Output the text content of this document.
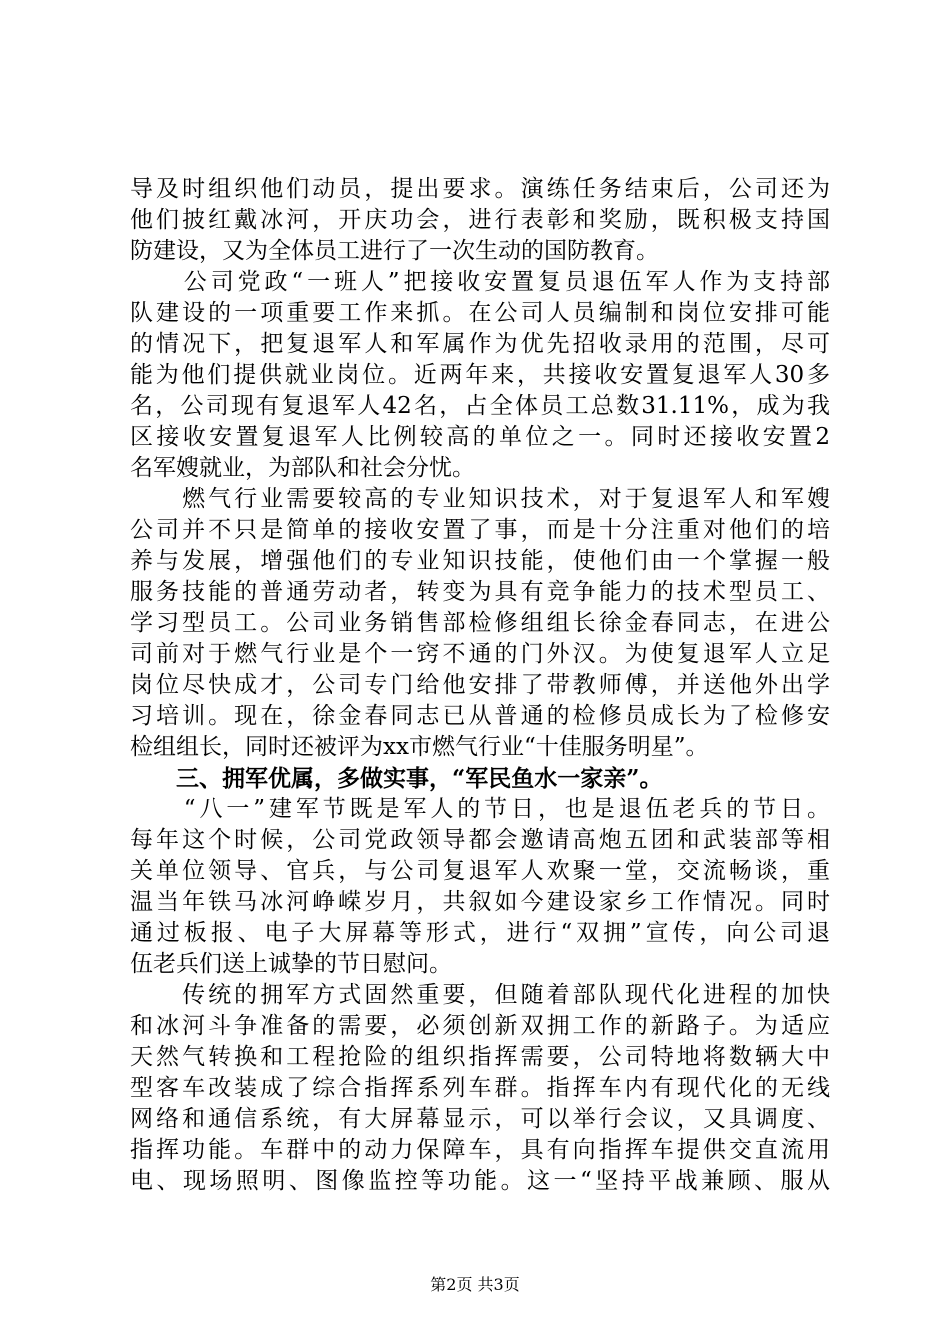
导及时组织他们动员，提出要求。演练任务结束后，公司还为
他们披红戴冰河，开庆功会，进行表彰和奖励，既积极支持国
防建设，又为全体员工进行了一次生动的国防教育。
　　公司党政“一班人”把接收安置复员退伍军人作为支持部
队建设的一项重要工作来抓。在公司人员编制和岗位安排可能
的情况下，把复退军人和军属作为优先招收录用的范围，尽可
能为他们提供就业岗位。近两年来，共接收安置复退军人30多
名，公司现有复退军人42名，占全体员工总数31.11%，成为我
区接收安置复退军人比例较高的单位之一。同时还接收安置2
名军嫂就业，为部队和社会分忧。
　　燃气行业需要较高的专业知识技术，对于复退军人和军嫂
公司并不只是简单的接收安置了事，而是十分注重对他们的培
养与发展，增强他们的专业知识技能，使他们由一个掌握一般
服务技能的普通劳动者，转变为具有竞争能力的技术型员工、
学习型员工。公司业务销售部检修组组长徐金春同志，在进公
司前对于燃气行业是个一窍不通的门外汉。为使复退军人立足
岗位尽快成才，公司专门给他安排了带教师傅，并送他外出学
习培训。现在，徐金春同志已从普通的检修员成长为了检修安
检组组长，同时还被评为xx市燃气行业“十佳服务明星”。
　　三、拥军优属，多做实事，“军民鱼水一家亲”。
　　“八一”建军节既是军人的节日，也是退伍老兵的节日。
每年这个时候，公司党政领导都会邀请高炮五团和武装部等相
关单位领导、官兵，与公司复退军人欢聚一堂，交流畅谈，重
温当年铁马冰河峥嵘岁月，共叙如今建设家乡工作情况。同时
通过板报、电子大屏幕等形式，进行“双拥”宣传，向公司退
伍老兵们送上诚挚的节日慰问。
　　传统的拥军方式固然重要，但随着部队现代化进程的加快
和冰河斗争准备的需要，必须创新双拥工作的新路子。为适应
天然气转换和工程抢险的组织指挥需要，公司特地将数辆大中
型客车改装成了综合指挥系列车群。指挥车内有现代化的无线
网络和通信系统，有大屏幕显示，可以举行会议，又具调度、
指挥功能。车群中的动力保障车，具有向指挥车提供交直流用
电、现场照明、图像监控等功能。这一“坚持平战兼顾、服从
第2页 共3页
